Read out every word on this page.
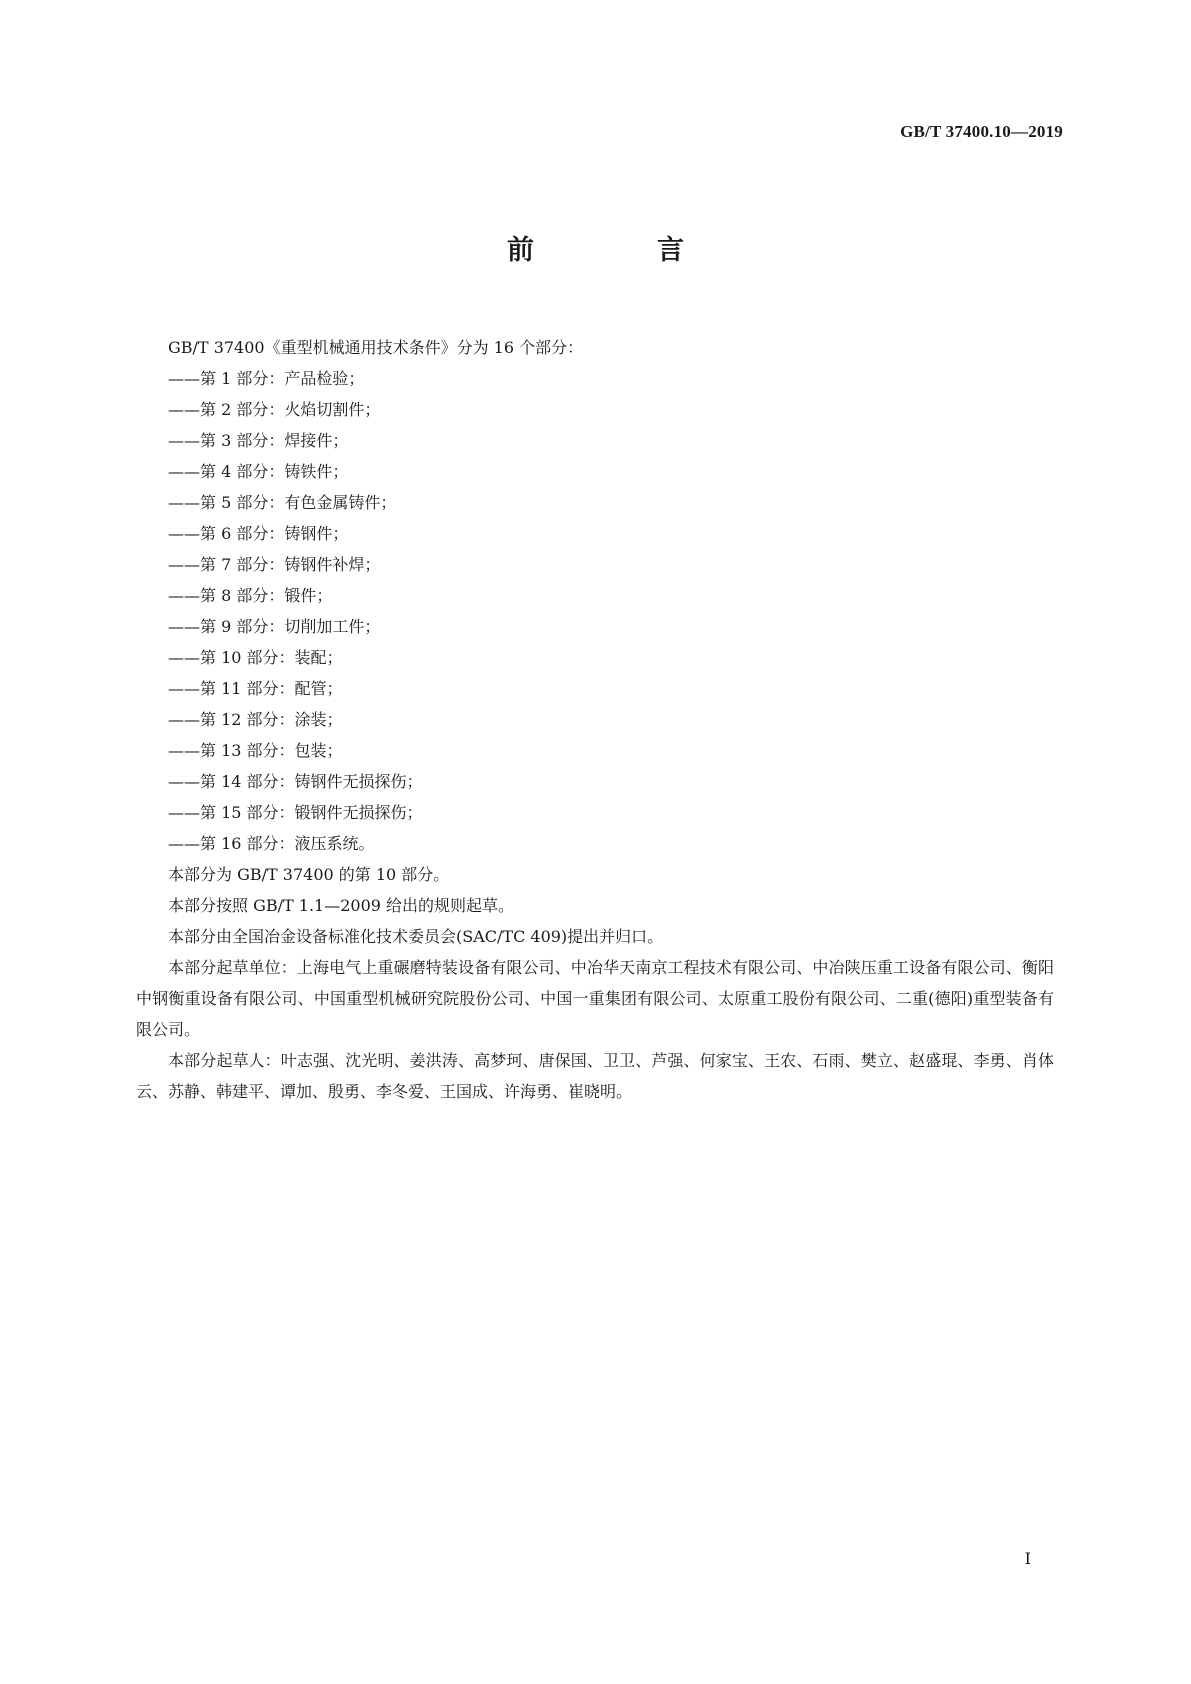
GB/T 37400.10—2019
前　言

GB/T 37400《重型机械通用技术条件》分为 16 个部分：

——第 1 部分：产品检验；
——第 2 部分：火焰切割件；
——第 3 部分：焊接件；
——第 4 部分：铸铁件；
——第 5 部分：有色金属铸件；
——第 6 部分：铸钢件；
——第 7 部分：铸钢件补焊；
——第 8 部分：锻件；
——第 9 部分：切削加工件；
——第 10 部分：装配；
——第 11 部分：配管；
——第 12 部分：涂装；
——第 13 部分：包装；
——第 14 部分：铸钢件无损探伤；
——第 15 部分：锻钢件无损探伤；
——第 16 部分：液压系统。

本部分为 GB/T 37400 的第 10 部分。

本部分按照 GB/T 1.1—2009 给出的规则起草。

本部分由全国冶金设备标准化技术委员会(SAC/TC 409)提出并归口。

本部分起草单位：上海电气上重碾磨特装设备有限公司、中冶华天南京工程技术有限公司、中冶陕压重工设备有限公司、衡阳中钢衡重设备有限公司、中国重型机械研究院股份公司、中国一重集团有限公司、太原重工股份有限公司、二重(德阳)重型装备有限公司。

本部分起草人：叶志强、沈光明、姜洪涛、高梦珂、唐保国、卫卫、芦强、何家宝、王农、石雨、樊立、赵盛琨、李勇、肖体云、苏静、韩建平、谭加、殷勇、李冬爱、王国成、许海勇、崔晓明。

I
